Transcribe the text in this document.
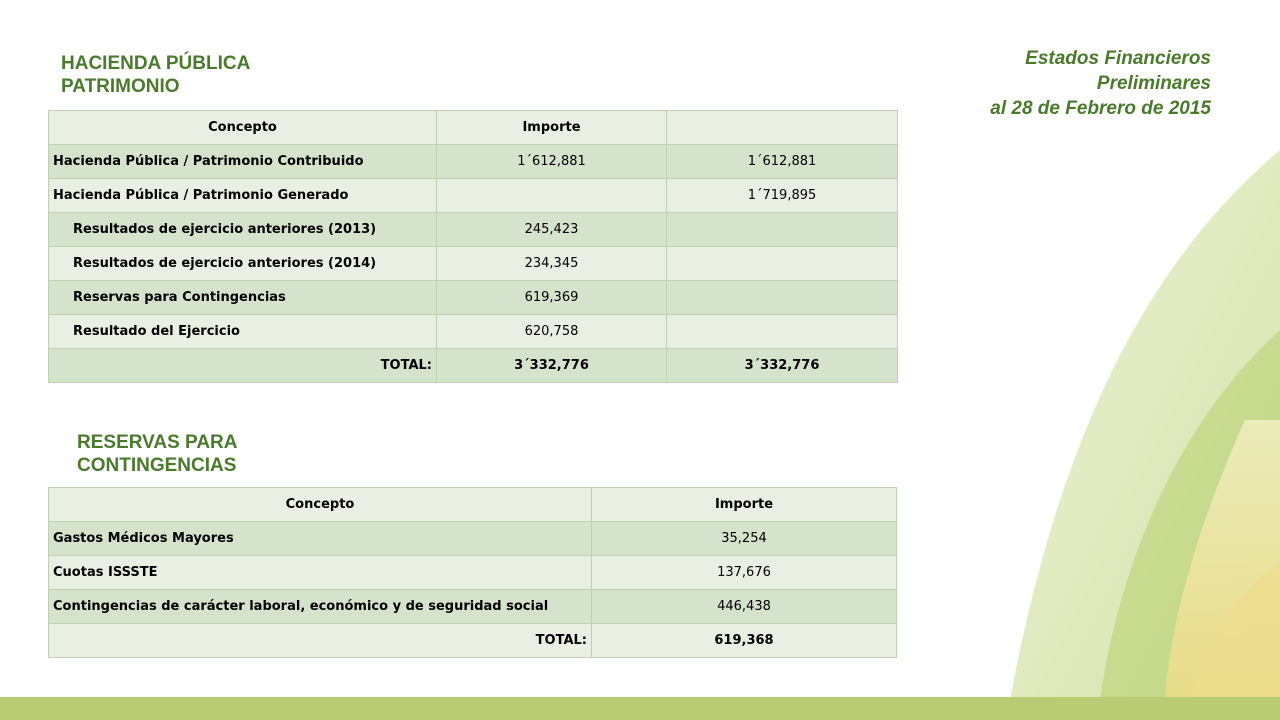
Estados Financieros
Preliminares
al 28 de Febrero de 2015
HACIENDA PÚBLICA
PATRIMONIO
Concepto	Importe	
Hacienda Pública / Patrimonio Contribuido	1´612,881	1´612,881
Hacienda Pública / Patrimonio Generado		1´719,895
Resultados de ejercicio anteriores (2013)	245,423	
Resultados de ejercicio anteriores (2014)	234,345	
Reservas para Contingencias	619,369	
Resultado del Ejercicio	620,758	
TOTAL:	3´332,776	3´332,776
RESERVAS PARA
CONTINGENCIAS
Concepto	Importe
Gastos Médicos Mayores	35,254
Cuotas ISSSTE	137,676
Contingencias de carácter laboral, económico y de seguridad social	446,438
TOTAL:	619,368
